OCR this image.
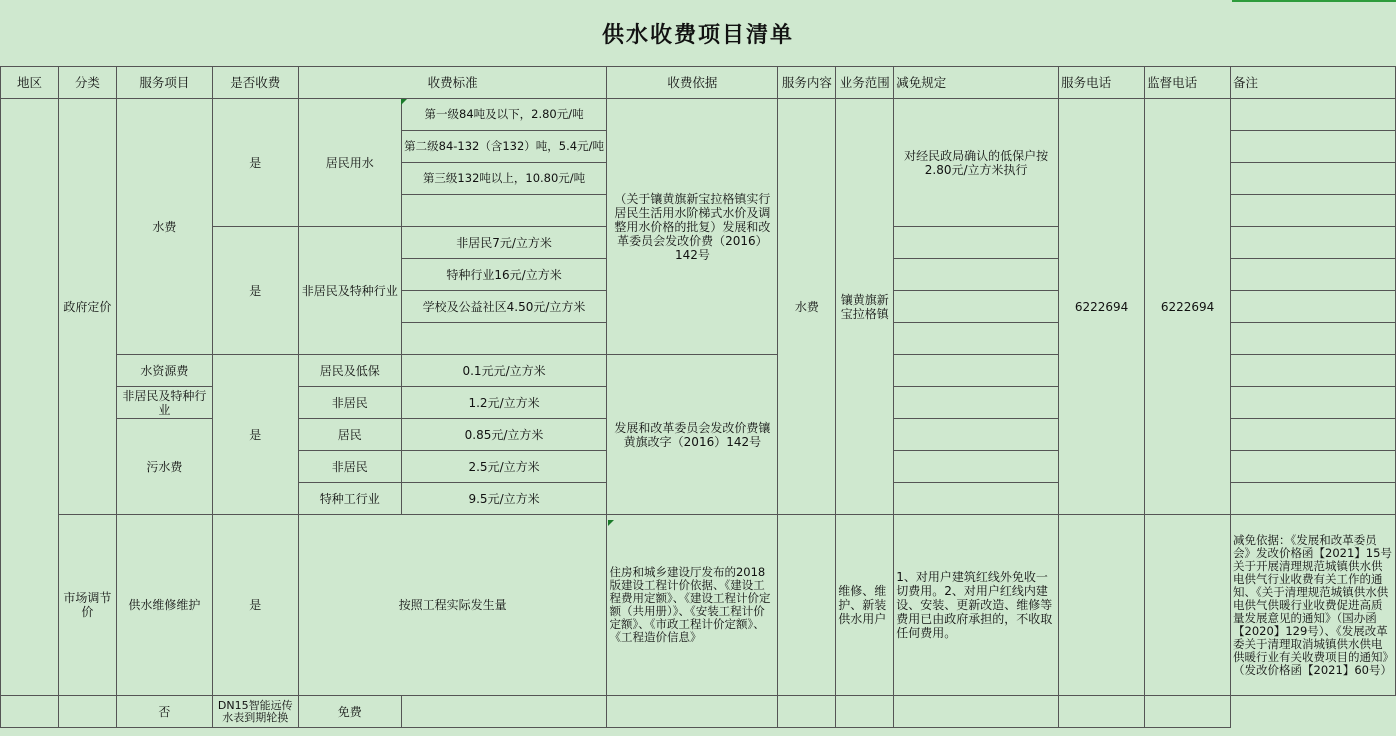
供水收费项目清单
地区	分类	服务项目	是否收费	收费标准		收费依据	服务内容	业务范围	减免规定	服务电话	监督电话	备注
	政府定价	水费	是	居民用水	第一级84吨及以下，2.80元/吨	（关于镶黄旗新宝拉格镇实行居民生活用水阶梯式水价及调整用水价格的批复）发展和改革委员会发改价费（2016）142号	水费	镶黄旗新宝拉格镇	对经民政局确认的低保户按2.80元/立方米执行	6222694	6222694	
					第二级84-132（含132）吨，5.4元/吨							
					第三级132吨以上，10.80元/吨							

			是	非居民及特种行业	非居民7元/立方米							
					特种行业16元/立方米							
					学校及公益社区4.50元/立方米							

		水资源费	是	居民及低保	0.1元元/立方米	发展和改革委员会发改价费镶黄旗改字（2016）142号						
		非居民及特种行业		非居民	1.2元/立方米							
		污水费		居民	0.85元/立方米							
				非居民	2.5元/立方米							
				特种工行业	9.5元/立方米							
	市场调节价	供水维修维护	是	按照工程实际发生量		住房和城乡建设厅发布的2018版建设工程计价依据、《建设工程费用定额》、《建设工程计价定额（共用册）》、《安装工程计价定额》、《市政工程计价定额》、《工程造价信息》		维修、维护、新装供水用户	1、对用户建筑红线外免收一切费用。2、对用户红线内建设、安装、更新改造、维修等费用已由政府承担的，不收取任何费用。			减免依据：《发展和改革委员会》发改价格函【2021】15号关于开展清理规范城镇供水供电供气行业收费有关工作的通知、《关于清理规范城镇供水供电供气供暖行业收费促进高质量发展意见的通知》（国办函【2020】129号）、《发展改革委关于清理取消城镇供水供电供暖行业有关收费项目的通知》（发改价格函【2021】60号）
		否	DN15智能远传水表到期轮换	免费								
